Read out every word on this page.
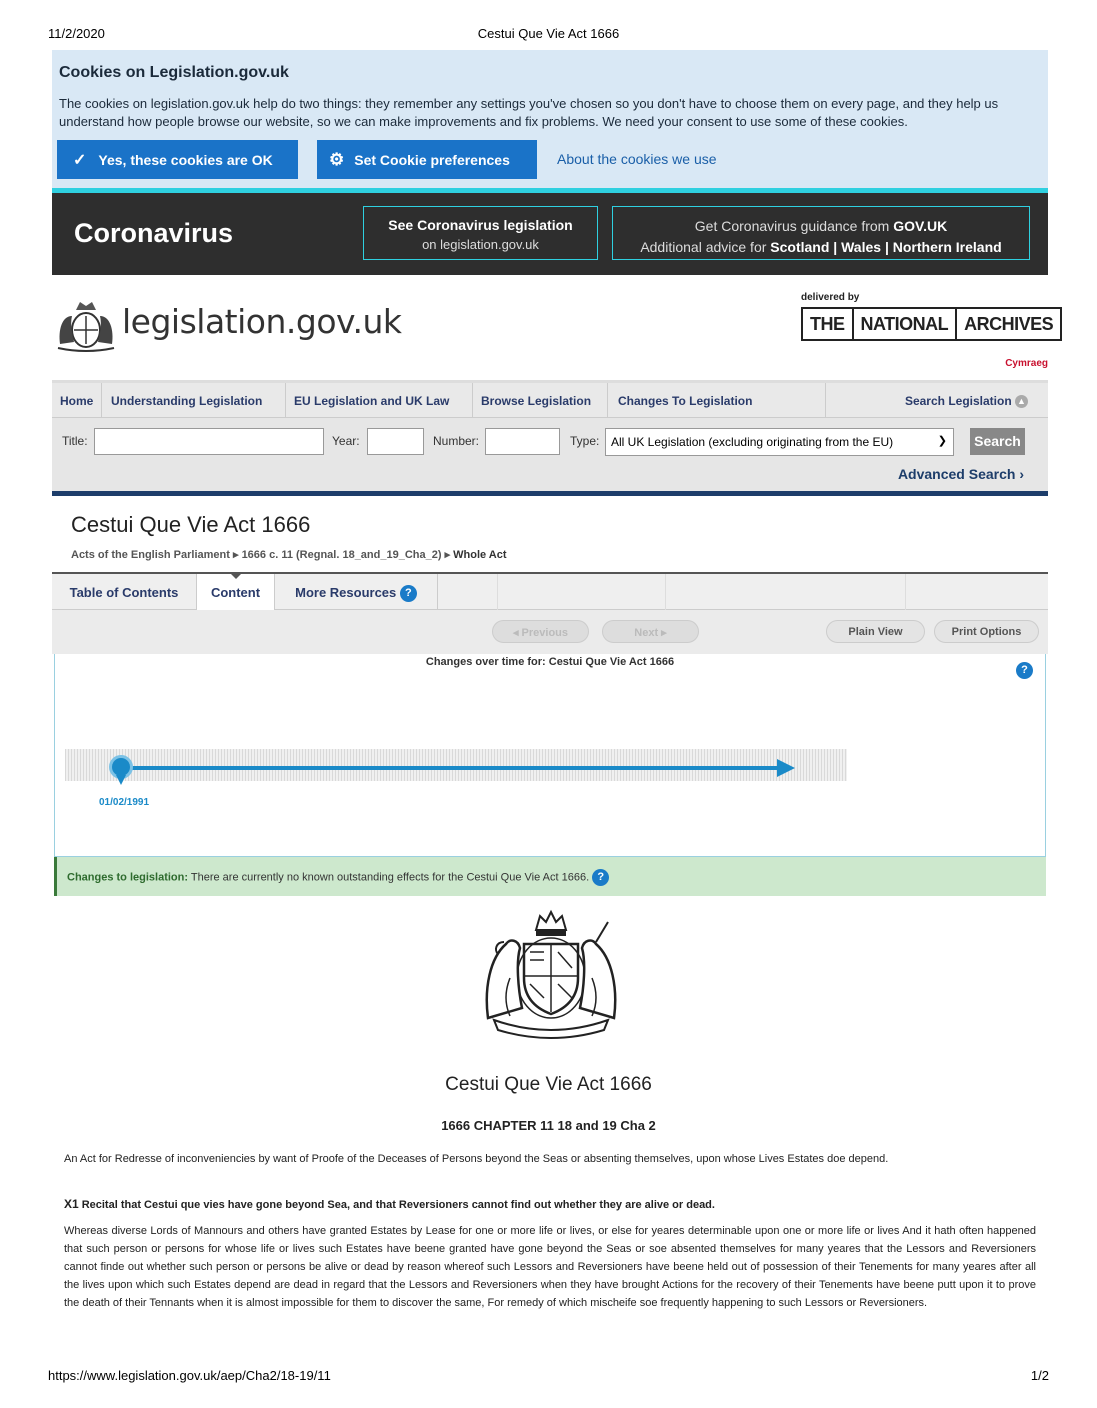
11/2/2020	Cestui Que Vie Act 1666
Cookies on Legislation.gov.uk

The cookies on legislation.gov.uk help do two things: they remember any settings you've chosen so you don't have to choose them on every page, and they help us understand how people browse our website, so we can make improvements and fix problems. We need your consent to use some of these cookies.

✓ Yes, these cookies are OK	⚙ Set Cookie preferences	About the cookies we use
Coronavirus	See Coronavirus legislation
on legislation.gov.uk
Get Coronavirus guidance from GOV.UK
Additional advice for Scotland | Wales | Northern Ireland
legislation.gov.uk
delivered by
THE NATIONAL ARCHIVES
Cymraeg
Home	Understanding Legislation	EU Legislation and UK Law	Browse Legislation	Changes To Legislation	Search Legislation ▲
Title:	Year:	Number:	Type: All UK Legislation (excluding originating from the EU)	❯ Search
Advanced Search ›
Cestui Que Vie Act 1666
Acts of the English Parliament ▸ 1666 c. 11 (Regnal. 18_and_19_Cha_2) ▸ Whole Act
Table of Contents	Content	More Resources ?
◂ Previous	Next ▸	Plain View	Print Options
Changes over time for: Cestui Que Vie Act 1666
?
01/02/1991
Changes to legislation: There are currently no known outstanding effects for the Cestui Que Vie Act 1666. ?
Cestui Que Vie Act 1666
1666 CHAPTER 11 18 and 19 Cha 2
An Act for Redresse of inconveniencies by want of Proofe of the Deceases of Persons beyond the Seas or absenting themselves, upon whose Lives Estates doe depend.
X1 Recital that Cestui que vies have gone beyond Sea, and that Reversioners cannot find out whether they are alive or dead.
Whereas diverse Lords of Mannours and others have granted Estates by Lease for one or more life or lives, or else for yeares determinable upon one or more life or lives And it hath often happened that such person or persons for whose life or lives such Estates have beene granted have gone beyond the Seas or soe absented themselves for many yeares that the Lessors and Reversioners cannot finde out whether such person or persons be alive or dead by reason whereof such Lessors and Reversioners have beene held out of possession of their Tenements for many yeares after all the lives upon which such Estates depend are dead in regard that the Lessors and Reversioners when they have brought Actions for the recovery of their Tenements have beene putt upon it to prove the death of their Tennants when it is almost impossible for them to discover the same, For remedy of which mischeife soe frequently happening to such Lessors or Reversioners.
https://www.legislation.gov.uk/aep/Cha2/18-19/11	1/2
